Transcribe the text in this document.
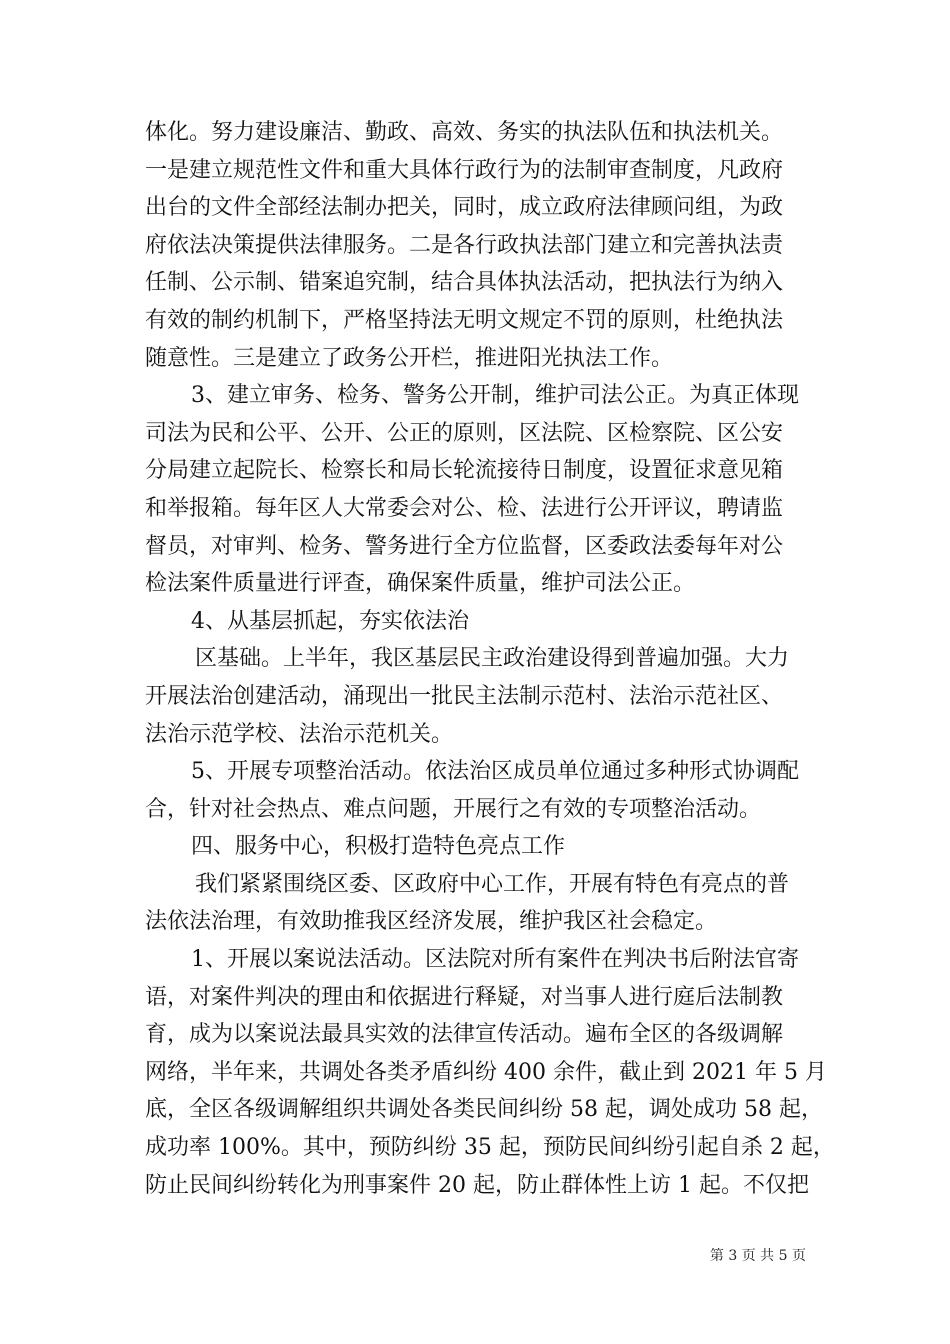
体化。努力建设廉洁、勤政、高效、务实的执法队伍和执法机关。
一是建立规范性文件和重大具体行政行为的法制审查制度，凡政府
出台的文件全部经法制办把关，同时，成立政府法律顾问组，为政
府依法决策提供法律服务。二是各行政执法部门建立和完善执法责
任制、公示制、错案追究制，结合具体执法活动，把执法行为纳入
有效的制约机制下，严格坚持法无明文规定不罚的原则，杜绝执法
随意性。三是建立了政务公开栏，推进阳光执法工作。
3、建立审务、检务、警务公开制，维护司法公正。为真正体现
司法为民和公平、公开、公正的原则，区法院、区检察院、区公安
分局建立起院长、检察长和局长轮流接待日制度，设置征求意见箱
和举报箱。每年区人大常委会对公、检、法进行公开评议，聘请监
督员，对审判、检务、警务进行全方位监督，区委政法委每年对公
检法案件质量进行评查，确保案件质量，维护司法公正。
4、从基层抓起，夯实依法治
区基础。上半年，我区基层民主政治建设得到普遍加强。大力
开展法治创建活动，涌现出一批民主法制示范村、法治示范社区、
法治示范学校、法治示范机关。
5、开展专项整治活动。依法治区成员单位通过多种形式协调配
合，针对社会热点、难点问题，开展行之有效的专项整治活动。
四、服务中心，积极打造特色亮点工作
我们紧紧围绕区委、区政府中心工作，开展有特色有亮点的普
法依法治理，有效助推我区经济发展，维护我区社会稳定。
1、开展以案说法活动。区法院对所有案件在判决书后附法官寄
语，对案件判决的理由和依据进行释疑，对当事人进行庭后法制教
育，成为以案说法最具实效的法律宣传活动。遍布全区的各级调解
网络，半年来，共调处各类矛盾纠纷 400 余件，截止到 2021 年 5 月
底，全区各级调解组织共调处各类民间纠纷 58 起，调处成功 58 起，
成功率 100%。其中，预防纠纷 35 起，预防民间纠纷引起自杀 2 起，
防止民间纠纷转化为刑事案件 20 起，防止群体性上访 1 起。不仅把
第 3 页 共 5 页
